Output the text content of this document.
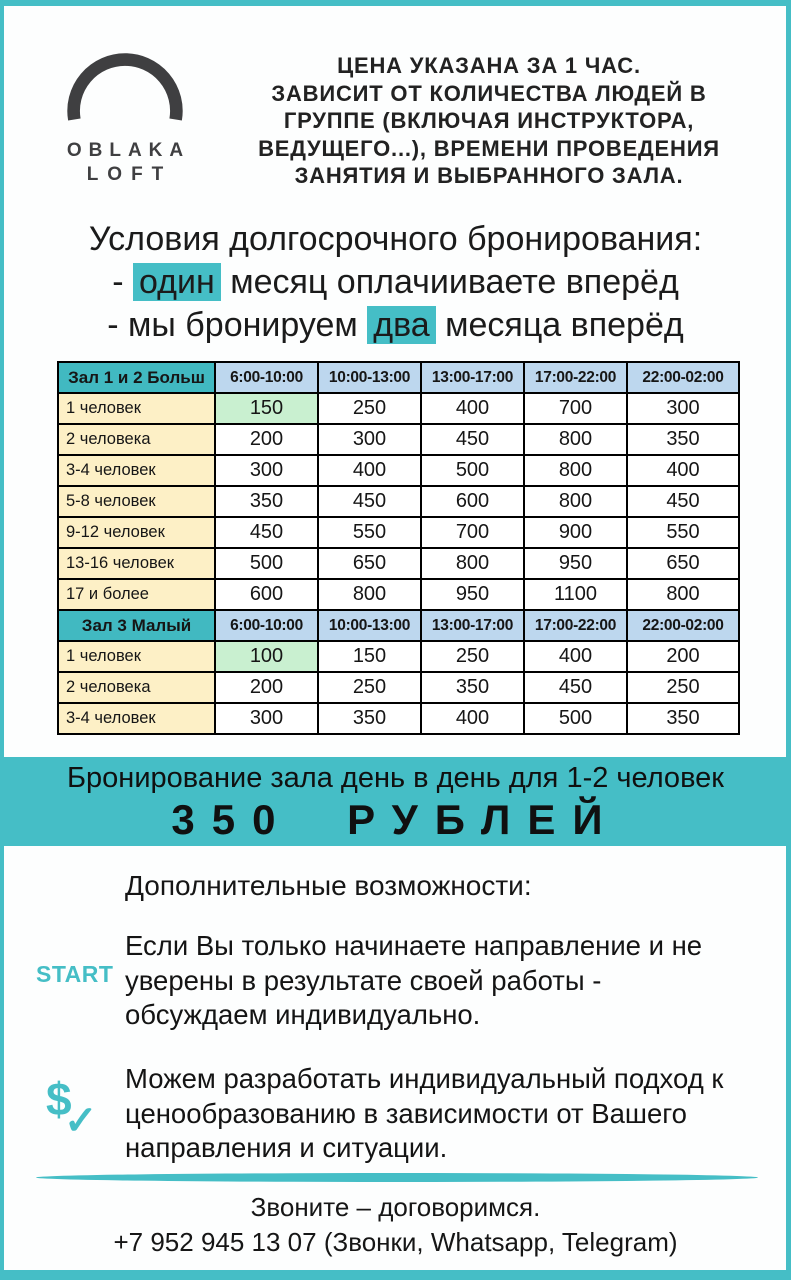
OBLAKA
LOFT
ЦЕНА УКАЗАНА ЗА 1 ЧАС.
ЗАВИСИТ ОТ КОЛИЧЕСТВА ЛЮДЕЙ В
ГРУППЕ (ВКЛЮЧАЯ ИНСТРУКТОРА,
ВЕДУЩЕГО...), ВРЕМЕНИ ПРОВЕДЕНИЯ
ЗАНЯТИЯ И ВЫБРАННОГО ЗАЛА.
Условия долгосрочного бронирования:
- один месяц оплачииваете вперёд
- мы бронируем два месяца вперёд
Зал 1 и 2 Больш	6:00-10:00	10:00-13:00	13:00-17:00	17:00-22:00	22:00-02:00
1 человек	150	250	400	700	300
2 человека	200	300	450	800	350
3-4 человек	300	400	500	800	400
5-8 человек	350	450	600	800	450
9-12 человек	450	550	700	900	550
13-16 человек	500	650	800	950	650
17 и более	600	800	950	1100	800
Зал 3 Малый	6:00-10:00	10:00-13:00	13:00-17:00	17:00-22:00	22:00-02:00
1 человек	100	150	250	400	200
2 человека	200	250	350	450	250
3-4 человек	300	350	400	500	350
Бронирование зала день в день для 1-2 человек
350 РУБЛЕЙ
Дополнительные возможности:
START
Если Вы только начинаете направление и не уверены в результате своей работы - обсуждаем индивидуально.
$
✓
Можем разработать индивидуальный подход к ценообразованию в зависимости от Вашего направления и ситуации.
Звоните – договоримся.
+7 952 945 13 07 (Звонки, Whatsapp, Telegram)
